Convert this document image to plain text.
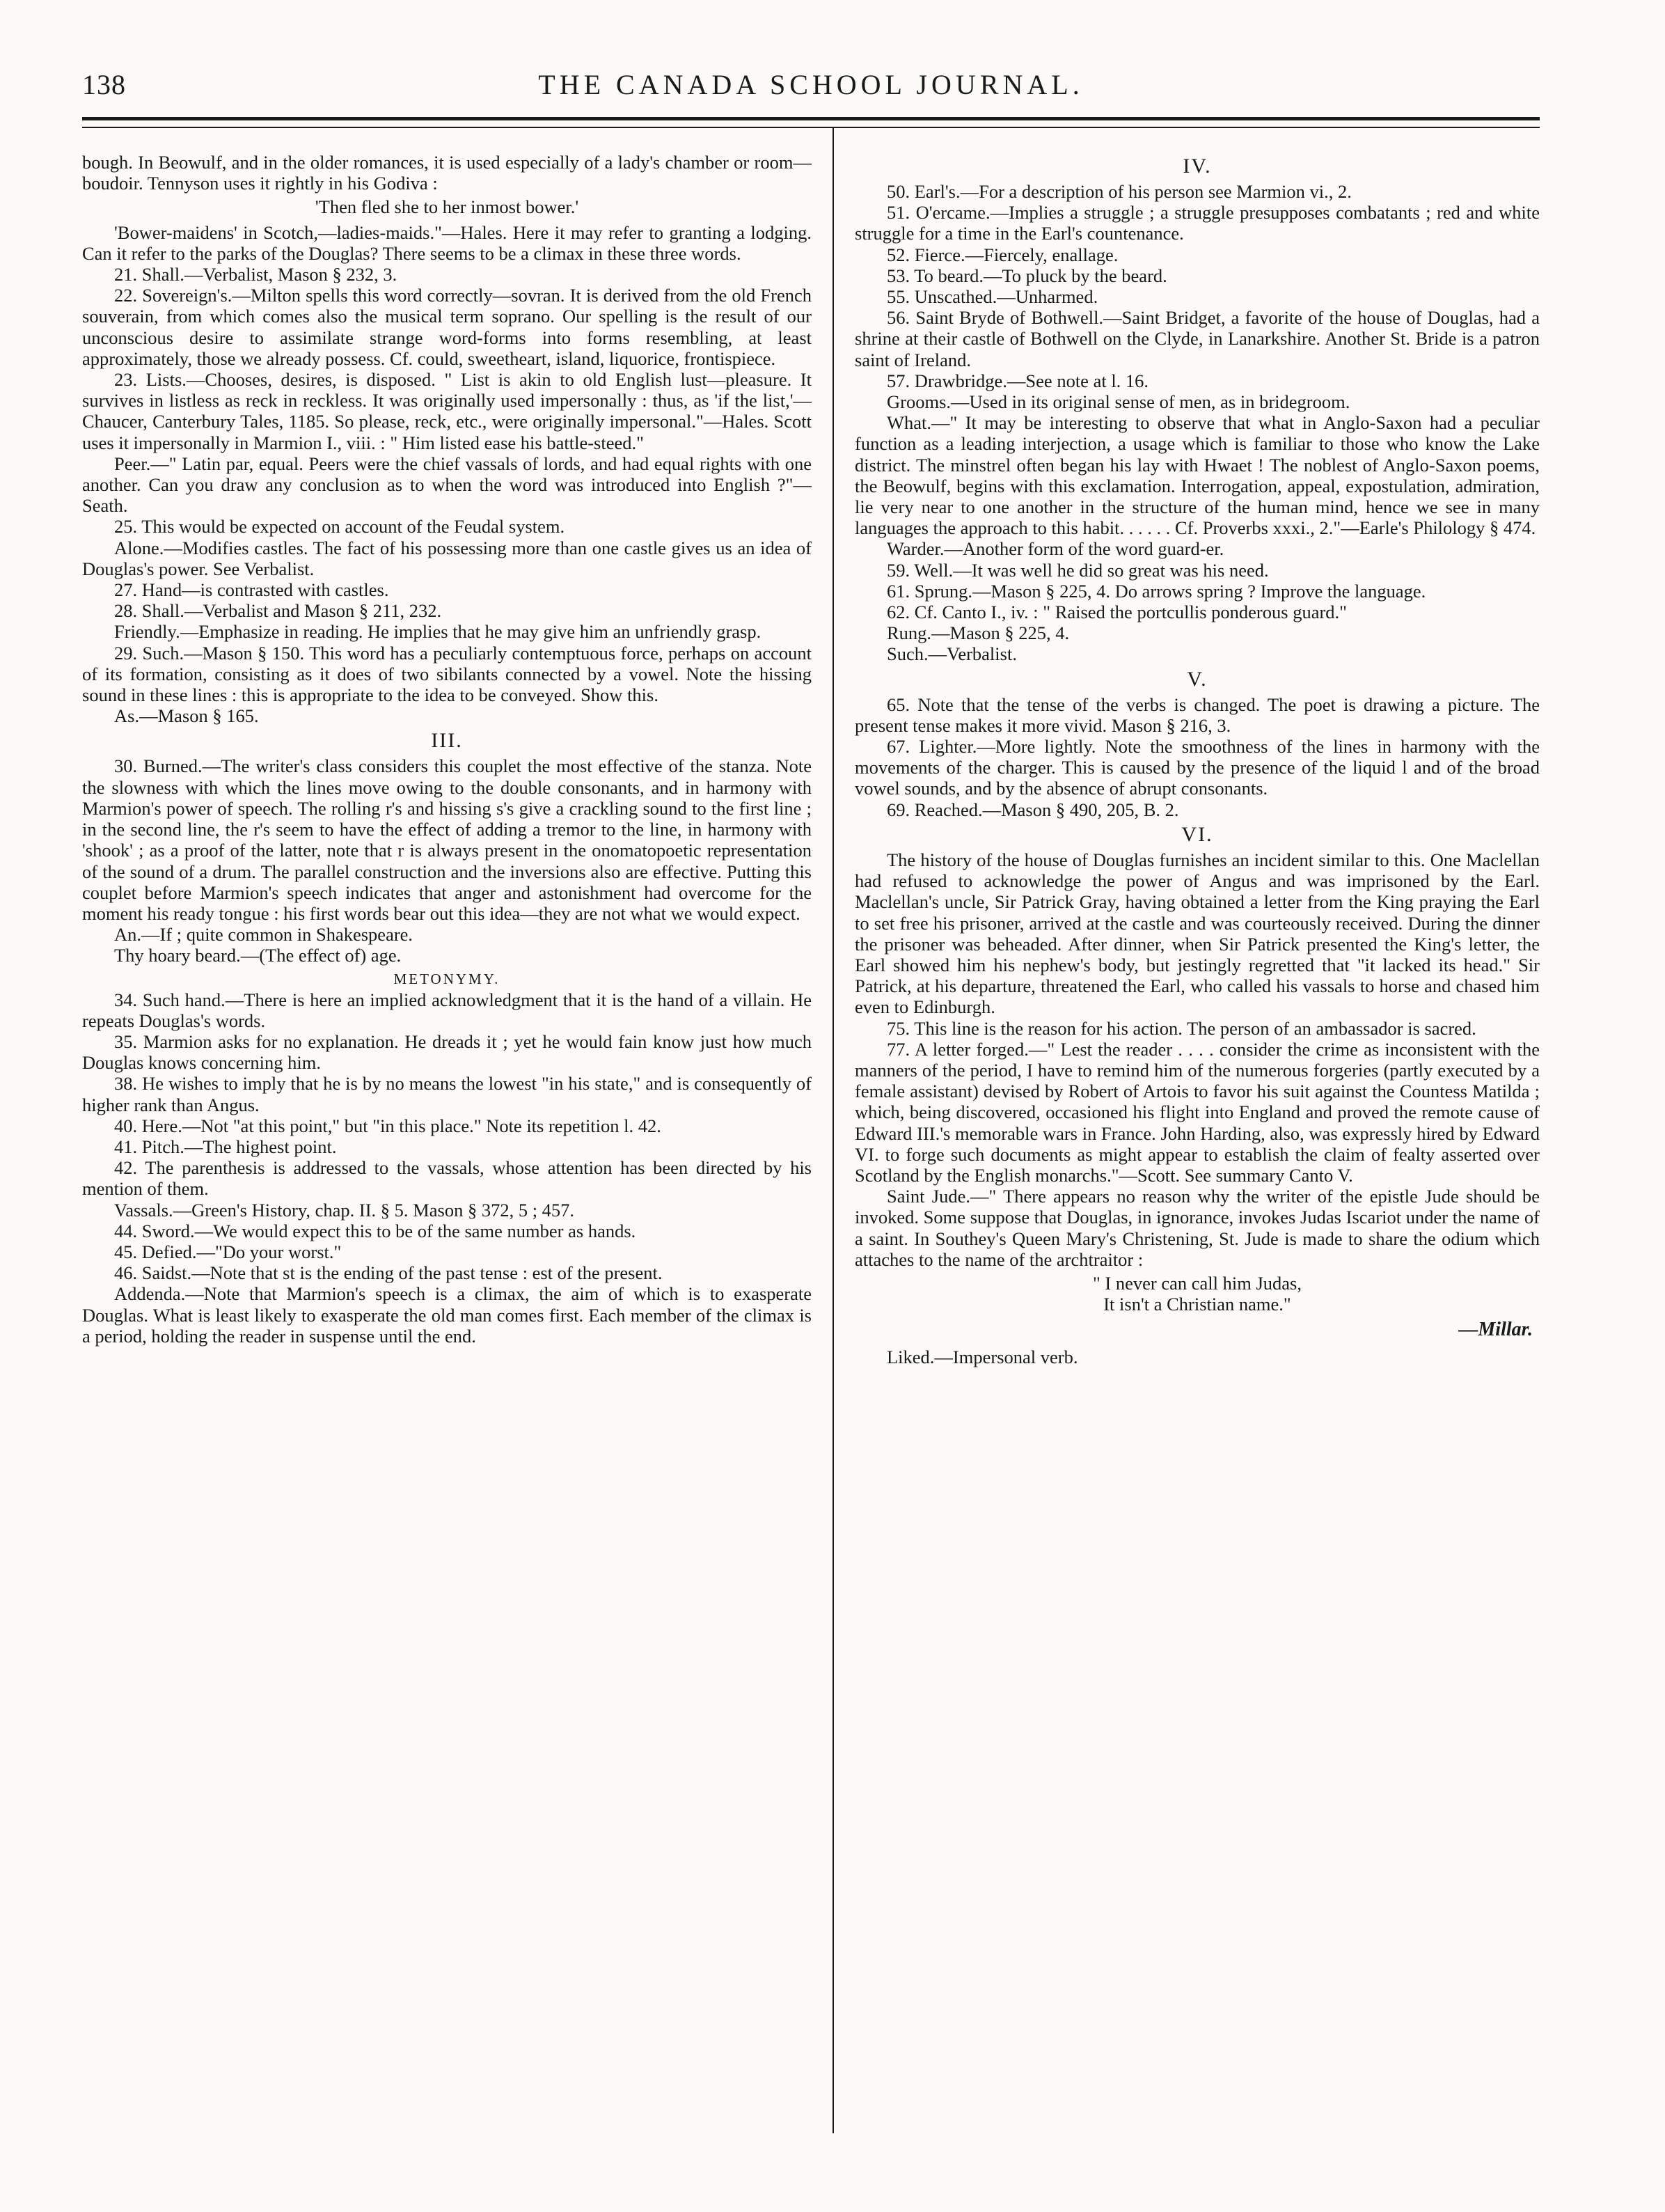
138	THE CANADA SCHOOL JOURNAL.

bough. In Beowulf, and in the older romances, it is used especially of a lady's chamber or room—boudoir. Tennyson uses it rightly in his Godiva :

'Then fled she to her inmost bower.'

'Bower-maidens' in Scotch,—ladies-maids."—Hales. Here it may refer to granting a lodging. Can it refer to the parks of the Douglas? There seems to be a climax in these three words.

21. Shall.—Verbalist, Mason § 232, 3.

22. Sovereign's.—Milton spells this word correctly—sovran. It is derived from the old French souverain, from which comes also the musical term soprano. Our spelling is the result of our unconscious desire to assimilate strange word-forms into forms resembling, at least approximately, those we already possess. Cf. could, sweetheart, island, liquorice, frontispiece.

23. Lists.—Chooses, desires, is disposed. " List is akin to old English lust—pleasure. It survives in listless as reck in reckless. It was originally used impersonally : thus, as 'if the list,'—Chaucer, Canterbury Tales, 1185. So please, reck, etc., were originally impersonal."—Hales. Scott uses it impersonally in Marmion I., viii. : " Him listed ease his battle-steed."

Peer.—" Latin par, equal. Peers were the chief vassals of lords, and had equal rights with one another. Can you draw any conclusion as to when the word was introduced into English ?"—Seath.

25. This would be expected on account of the Feudal system.

Alone.—Modifies castles. The fact of his possessing more than one castle gives us an idea of Douglas's power. See Verbalist.

27. Hand—is contrasted with castles.

28. Shall.—Verbalist and Mason § 211, 232.

Friendly.—Emphasize in reading. He implies that he may give him an unfriendly grasp.

29. Such.—Mason § 150. This word has a peculiarly contemptuous force, perhaps on account of its formation, consisting as it does of two sibilants connected by a vowel. Note the hissing sound in these lines : this is appropriate to the idea to be conveyed. Show this.

As.—Mason § 165.

III.

30. Burned.—The writer's class considers this couplet the most effective of the stanza. Note the slowness with which the lines move owing to the double consonants, and in harmony with Marmion's power of speech. The rolling r's and hissing s's give a crackling sound to the first line ; in the second line, the r's seem to have the effect of adding a tremor to the line, in harmony with 'shook' ; as a proof of the latter, note that r is always present in the onomatopoetic representation of the sound of a drum. The parallel construction and the inversions also are effective. Putting this couplet before Marmion's speech indicates that anger and astonishment had overcome for the moment his ready tongue : his first words bear out this idea—they are not what we would expect.

An.—If ; quite common in Shakespeare.

Thy hoary beard.—(The effect of) age.

METONYMY.

34. Such hand.—There is here an implied acknowledgment that it is the hand of a villain. He repeats Douglas's words.

35. Marmion asks for no explanation. He dreads it ; yet he would fain know just how much Douglas knows concerning him.

38. He wishes to imply that he is by no means the lowest "in his state," and is consequently of higher rank than Angus.

40. Here.—Not "at this point," but "in this place." Note its repetition l. 42.

41. Pitch.—The highest point.

42. The parenthesis is addressed to the vassals, whose attention has been directed by his mention of them.

Vassals.—Green's History, chap. II. § 5. Mason § 372, 5 ; 457.

44. Sword.—We would expect this to be of the same number as hands.

45. Defied.—"Do your worst."

46. Saidst.—Note that st is the ending of the past tense : est of the present.

Addenda.—Note that Marmion's speech is a climax, the aim of which is to exasperate Douglas. What is least likely to exasperate the old man comes first. Each member of the climax is a period, holding the reader in suspense until the end.

IV.

50. Earl's.—For a description of his person see Marmion vi., 2.

51. O'ercame.—Implies a struggle ; a struggle presupposes combatants ; red and white struggle for a time in the Earl's countenance.

52. Fierce.—Fiercely, enallage.

53. To beard.—To pluck by the beard.

55. Unscathed.—Unharmed.

56. Saint Bryde of Bothwell.—Saint Bridget, a favorite of the house of Douglas, had a shrine at their castle of Bothwell on the Clyde, in Lanarkshire. Another St. Bride is a patron saint of Ireland.

57. Drawbridge.—See note at l. 16.

Grooms.—Used in its original sense of men, as in bridegroom.

What.—" It may be interesting to observe that what in Anglo-Saxon had a peculiar function as a leading interjection, a usage which is familiar to those who know the Lake district. The minstrel often began his lay with Hwaet ! The noblest of Anglo-Saxon poems, the Beowulf, begins with this exclamation. Interrogation, appeal, expostulation, admiration, lie very near to one another in the structure of the human mind, hence we see in many languages the approach to this habit. . . . . . Cf. Proverbs xxxi., 2."—Earle's Philology § 474.

Warder.—Another form of the word guard-er.

59. Well.—It was well he did so great was his need.

61. Sprung.—Mason § 225, 4. Do arrows spring ? Improve the language.

62. Cf. Canto I., iv. : " Raised the portcullis ponderous guard."

Rung.—Mason § 225, 4.

Such.—Verbalist.

V.

65. Note that the tense of the verbs is changed. The poet is drawing a picture. The present tense makes it more vivid. Mason § 216, 3.

67. Lighter.—More lightly. Note the smoothness of the lines in harmony with the movements of the charger. This is caused by the presence of the liquid l and of the broad vowel sounds, and by the absence of abrupt consonants.

69. Reached.—Mason § 490, 205, B. 2.

VI.

The history of the house of Douglas furnishes an incident similar to this. One Maclellan had refused to acknowledge the power of Angus and was imprisoned by the Earl. Maclellan's uncle, Sir Patrick Gray, having obtained a letter from the King praying the Earl to set free his prisoner, arrived at the castle and was courteously received. During the dinner the prisoner was beheaded. After dinner, when Sir Patrick presented the King's letter, the Earl showed him his nephew's body, but jestingly regretted that "it lacked its head." Sir Patrick, at his departure, threatened the Earl, who called his vassals to horse and chased him even to Edinburgh.

75. This line is the reason for his action. The person of an ambassador is sacred.

77. A letter forged.—" Lest the reader . . . . consider the crime as inconsistent with the manners of the period, I have to remind him of the numerous forgeries (partly executed by a female assistant) devised by Robert of Artois to favor his suit against the Countess Matilda ; which, being discovered, occasioned his flight into England and proved the remote cause of Edward III.'s memorable wars in France. John Harding, also, was expressly hired by Edward VI. to forge such documents as might appear to establish the claim of fealty asserted over Scotland by the English monarchs."—Scott. See summary Canto V.

Saint Jude.—" There appears no reason why the writer of the epistle Jude should be invoked. Some suppose that Douglas, in ignorance, invokes Judas Iscariot under the name of a saint. In Southey's Queen Mary's Christening, St. Jude is made to share the odium which attaches to the name of the archtraitor :

" I never can call him Judas,
It isn't a Christian name."
—Millar.

Liked.—Impersonal verb.
